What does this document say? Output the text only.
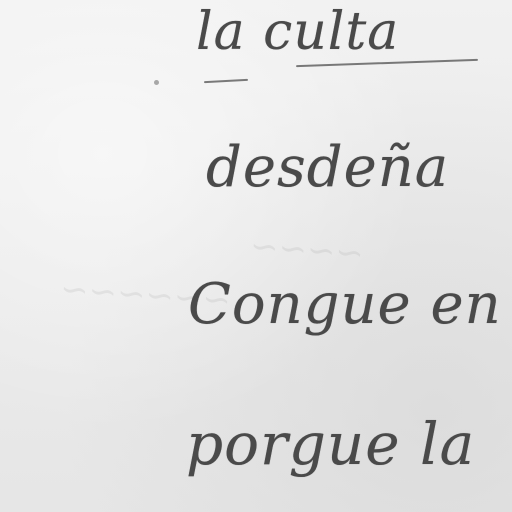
~~~~~~
~~~~
la culta
desdeña
Congue en
porgue la
